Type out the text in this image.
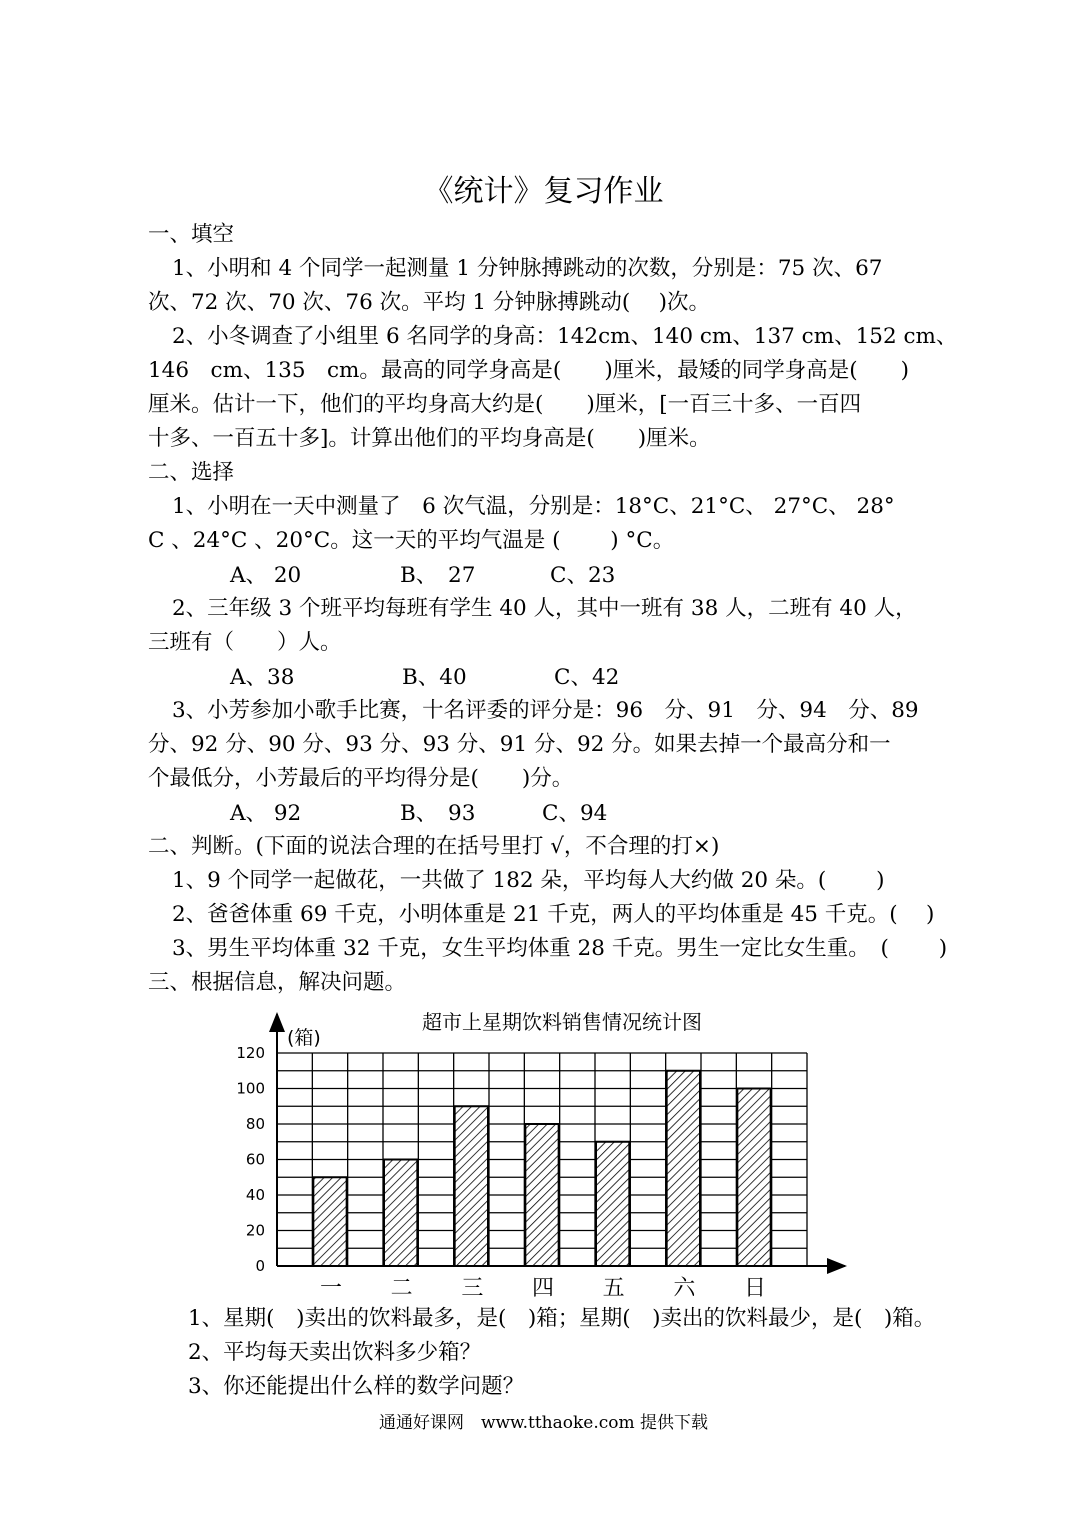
《统计》复习作业
一、填空
1、小明和 4 个同学一起测量 1 分钟脉搏跳动的次数，分别是：75 次、67
次、72 次、70 次、76 次。平均 1 分钟脉搏跳动(　 )次。
2、小冬调查了小组里 6 名同学的身高：142cm、140 cm、137 cm、152 cm、
146　cm、135　cm。最高的同学身高是(　　)厘米，最矮的同学身高是(　　)
厘米。估计一下，他们的平均身高大约是(　　)厘米，[一百三十多、一百四
十多、一百五十多]。计算出他们的平均身高是(　　)厘米。
二、选择
1、小明在一天中测量了　6 次气温，分别是：18°C、21°C、 27°C、 28°
C 、24°C 、20°C。这一天的平均气温是 (　　 ) °C。
A、 20	B、　27	C、23
2、三年级 3 个班平均每班有学生 40 人，其中一班有 38 人，二班有 40 人，
三班有（　　）人。
A、38	B、40	C、42
3、小芳参加小歌手比赛，十名评委的评分是：96　分、91　分、94　分、89
分、92 分、90 分、93 分、93 分、91 分、92 分。如果去掉一个最高分和一
个最低分，小芳最后的平均得分是(　　)分。
A、 92	B、　93	C、94
二、判断。(下面的说法合理的在括号里打 √，不合理的打×)
1、9 个同学一起做花，一共做了 182 朵，平均每人大约做 20 朵。(　　 )
2、爸爸体重 69 千克，小明体重是 21 千克，两人的平均体重是 45 千克。(　 )
3、男生平均体重 32 千克，女生平均体重 28 千克。男生一定比女生重。　(　　 )
三、根据信息，解决问题。
超市上星期饮料销售情况统计图
(箱)
0
20
40
60
80
100
120
一 二 三 四 五 六 日
1、星期(　)卖出的饮料最多，是(　)箱；星期(　)卖出的饮料最少，是(　)箱。
2、平均每天卖出饮料多少箱？
3、你还能提出什么样的数学问题？
通通好课网　www.tthaoke.com 提供下载
